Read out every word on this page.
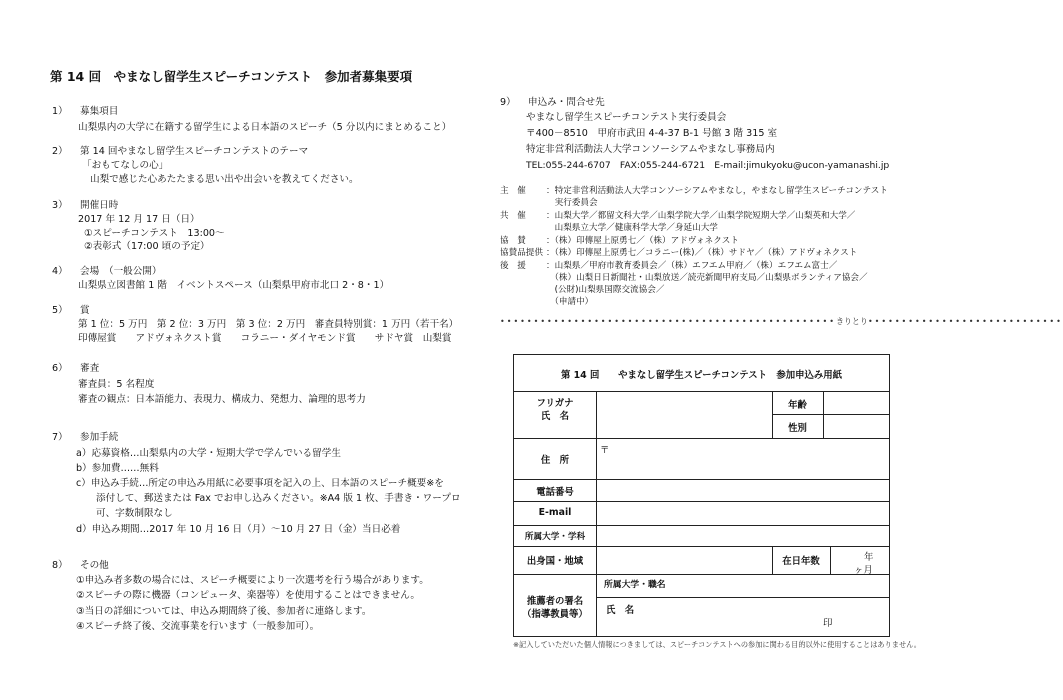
第 14 回　やまなし留学生スピーチコンテスト　参加者募集要項
1） 募集項目
山梨県内の大学に在籍する留学生による日本語のスピーチ（5 分以内にまとめること）
2） 第 14 回やまなし留学生スピーチコンテストのテーマ
「おもてなしの心」
山梨で感じた心あたたまる思い出や出会いを教えてください。
3） 開催日時
2017 年 12 月 17 日（日）
①スピーチコンテスト　13:00～
②表彰式（17:00 頃の予定）
4） 会場　（一般公開）
山梨県立図書館 1 階　イベントスペース（山梨県甲府市北口 2・8・1）
5） 賞
第 1 位：5 万円　第 2 位：3 万円　第 3 位：2 万円　審査員特別賞：1 万円（若干名）
印傳屋賞　　アドヴォネクスト賞　　コラニー・ダイヤモンド賞　　サドヤ賞　山梨賞
6） 審査
審査員：5 名程度
審査の観点：日本語能力、表現力、構成力、発想力、論理的思考力
7） 参加手続
a）応募資格…山梨県内の大学・短期大学で学んでいる留学生
b）参加費……無料
c）申込み手続…所定の申込み用紙に必要事項を記入の上、日本語のスピーチ概要※を
添付して、郵送または Fax でお申し込みください。※A4 版 1 枚、手書き・ワープロ
可、字数制限なし
d）申込み期間…2017 年 10 月 16 日（月）～10 月 27 日（金）当日必着
8） その他
①申込み者多数の場合には、スピーチ概要により一次選考を行う場合があります。
②スピーチの際に機器（コンピュータ、楽器等）を使用することはできません。
③当日の詳細については、申込み期間終了後、参加者に連絡します。
④スピーチ終了後、交流事業を行います（一般参加可）。
9） 申込み・問合せ先
やまなし留学生スピーチコンテスト実行委員会
〒400－8510　甲府市武田 4-4-37 B-1 号館 3 階 315 室
特定非営利活動法人大学コンソーシアムやまなし事務局内
TEL:055-244-6707　FAX:055-244-6721　E-mail:jimukyoku@ucon-yamanashi.jp
主　催 ：特定非営利活動法人大学コンソーシアムやまなし，やまなし留学生スピーチコンテスト
　実行委員会
共　催 ：山梨大学／都留文科大学／山梨学院大学／山梨学院短期大学／山梨英和大学／
　山梨県立大学／健康科学大学／身延山大学
協　賛 ：（株）印傳屋上原勇七／（株）アドヴォネクスト
協賛品提供 ：（株）印傳屋上原勇七／コラニー(株)／（株）サドヤ／（株）アドヴォネクスト
後　援 ：山梨県／甲府市教育委員会／（株）エフエム甲府／（株）エフエム富士／
　（株）山梨日日新聞社・山梨放送／読売新聞甲府支局／山梨県ボランティア協会／
　(公財)山梨県国際交流協会／
　（申請中）
••••••••••••••••••••••••••••••••••••••••••••••••••きりとり•••••••••••••••••••••••••••••
第 14 回　　やまなし留学生スピーチコンテスト　参加申込み用紙
フリガナ
氏　名
年齢
性別
住　所
〒
電話番号
E-mail
所属大学・学科
出身国・地域	在日年数	年
ヶ月
推薦者の署名
（指導教員等）
所属大学・職名
氏　名
印
※記入していただいた個人情報につきましては、スピーチコンテストへの参加に関わる目的以外に使用することはありません。
